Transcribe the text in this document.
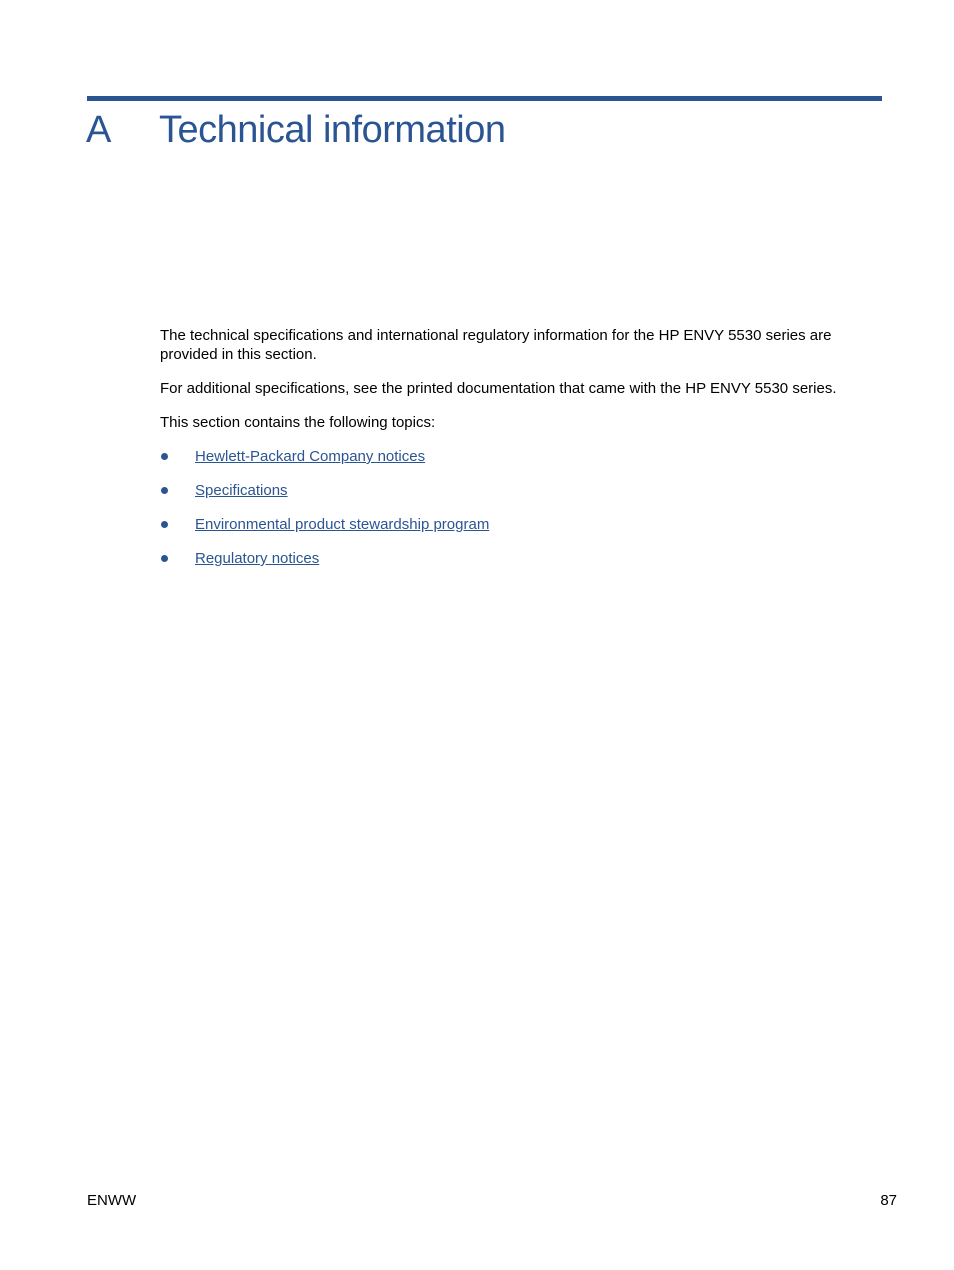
A Technical information

The technical specifications and international regulatory information for the HP ENVY 5530 series are provided in this section.

For additional specifications, see the printed documentation that came with the HP ENVY 5530 series.

This section contains the following topics:

Hewlett-Packard Company notices
Specifications
Environmental product stewardship program
Regulatory notices
ENWW	87
